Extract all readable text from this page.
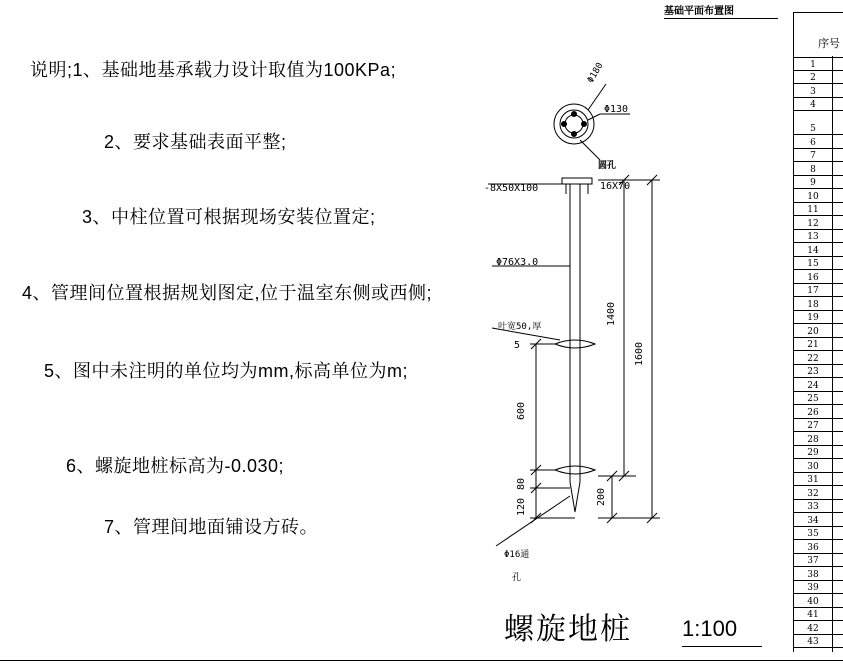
说明;1、基础地基承载力设计取值为100KPa;
2、要求基础表面平整;
3、中柱位置可根据现场安装位置定;
4、管理间位置根据规划图定,位于温室东侧或西侧;
5、图中未注明的单位均为mm,标高单位为m;
6、螺旋地桩标高为-0.030;
7、管理间地面铺设方砖。
基础平面布置图
Φ180
Φ130
圆孔
-8X50X100	16X70
Φ76X3.0
叶宽50,厚
5
1400
1600
600
80
120
200
Φ16通
孔
螺旋地桩 1:100
序号
1
2
3
4
5
6
7
8
9
10
11
12
13
14
15
16
17
18
19
20
21
22
23
24
25
26
27
28
29
30
31
32
33
34
35
36
37
38
39
40
41
42
43
